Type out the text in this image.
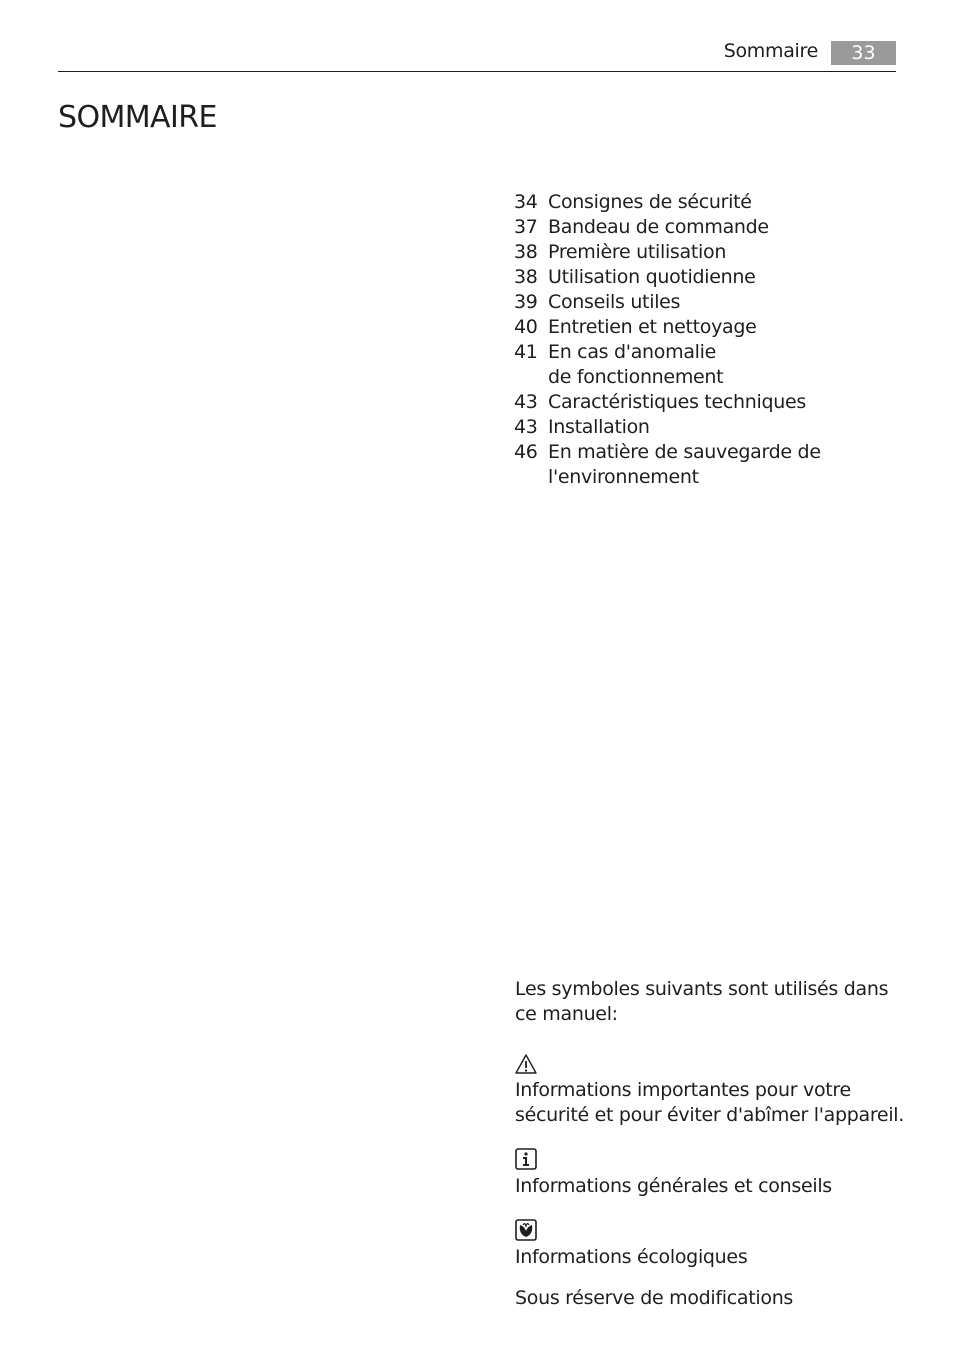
Sommaire	33
SOMMAIRE
34 Consignes de sécurité
37 Bandeau de commande
38 Première utilisation
38 Utilisation quotidienne
39 Conseils utiles
40 Entretien et nettoyage
41 En cas d'anomalie de fonctionnement
43 Caractéristiques techniques
43 Installation
46 En matière de sauvegarde de l'environnement

Les symboles suivants sont utilisés dans ce manuel:

Informations importantes pour votre sécurité et pour éviter d'abîmer l'appareil.

Informations générales et conseils

Informations écologiques

Sous réserve de modifications
